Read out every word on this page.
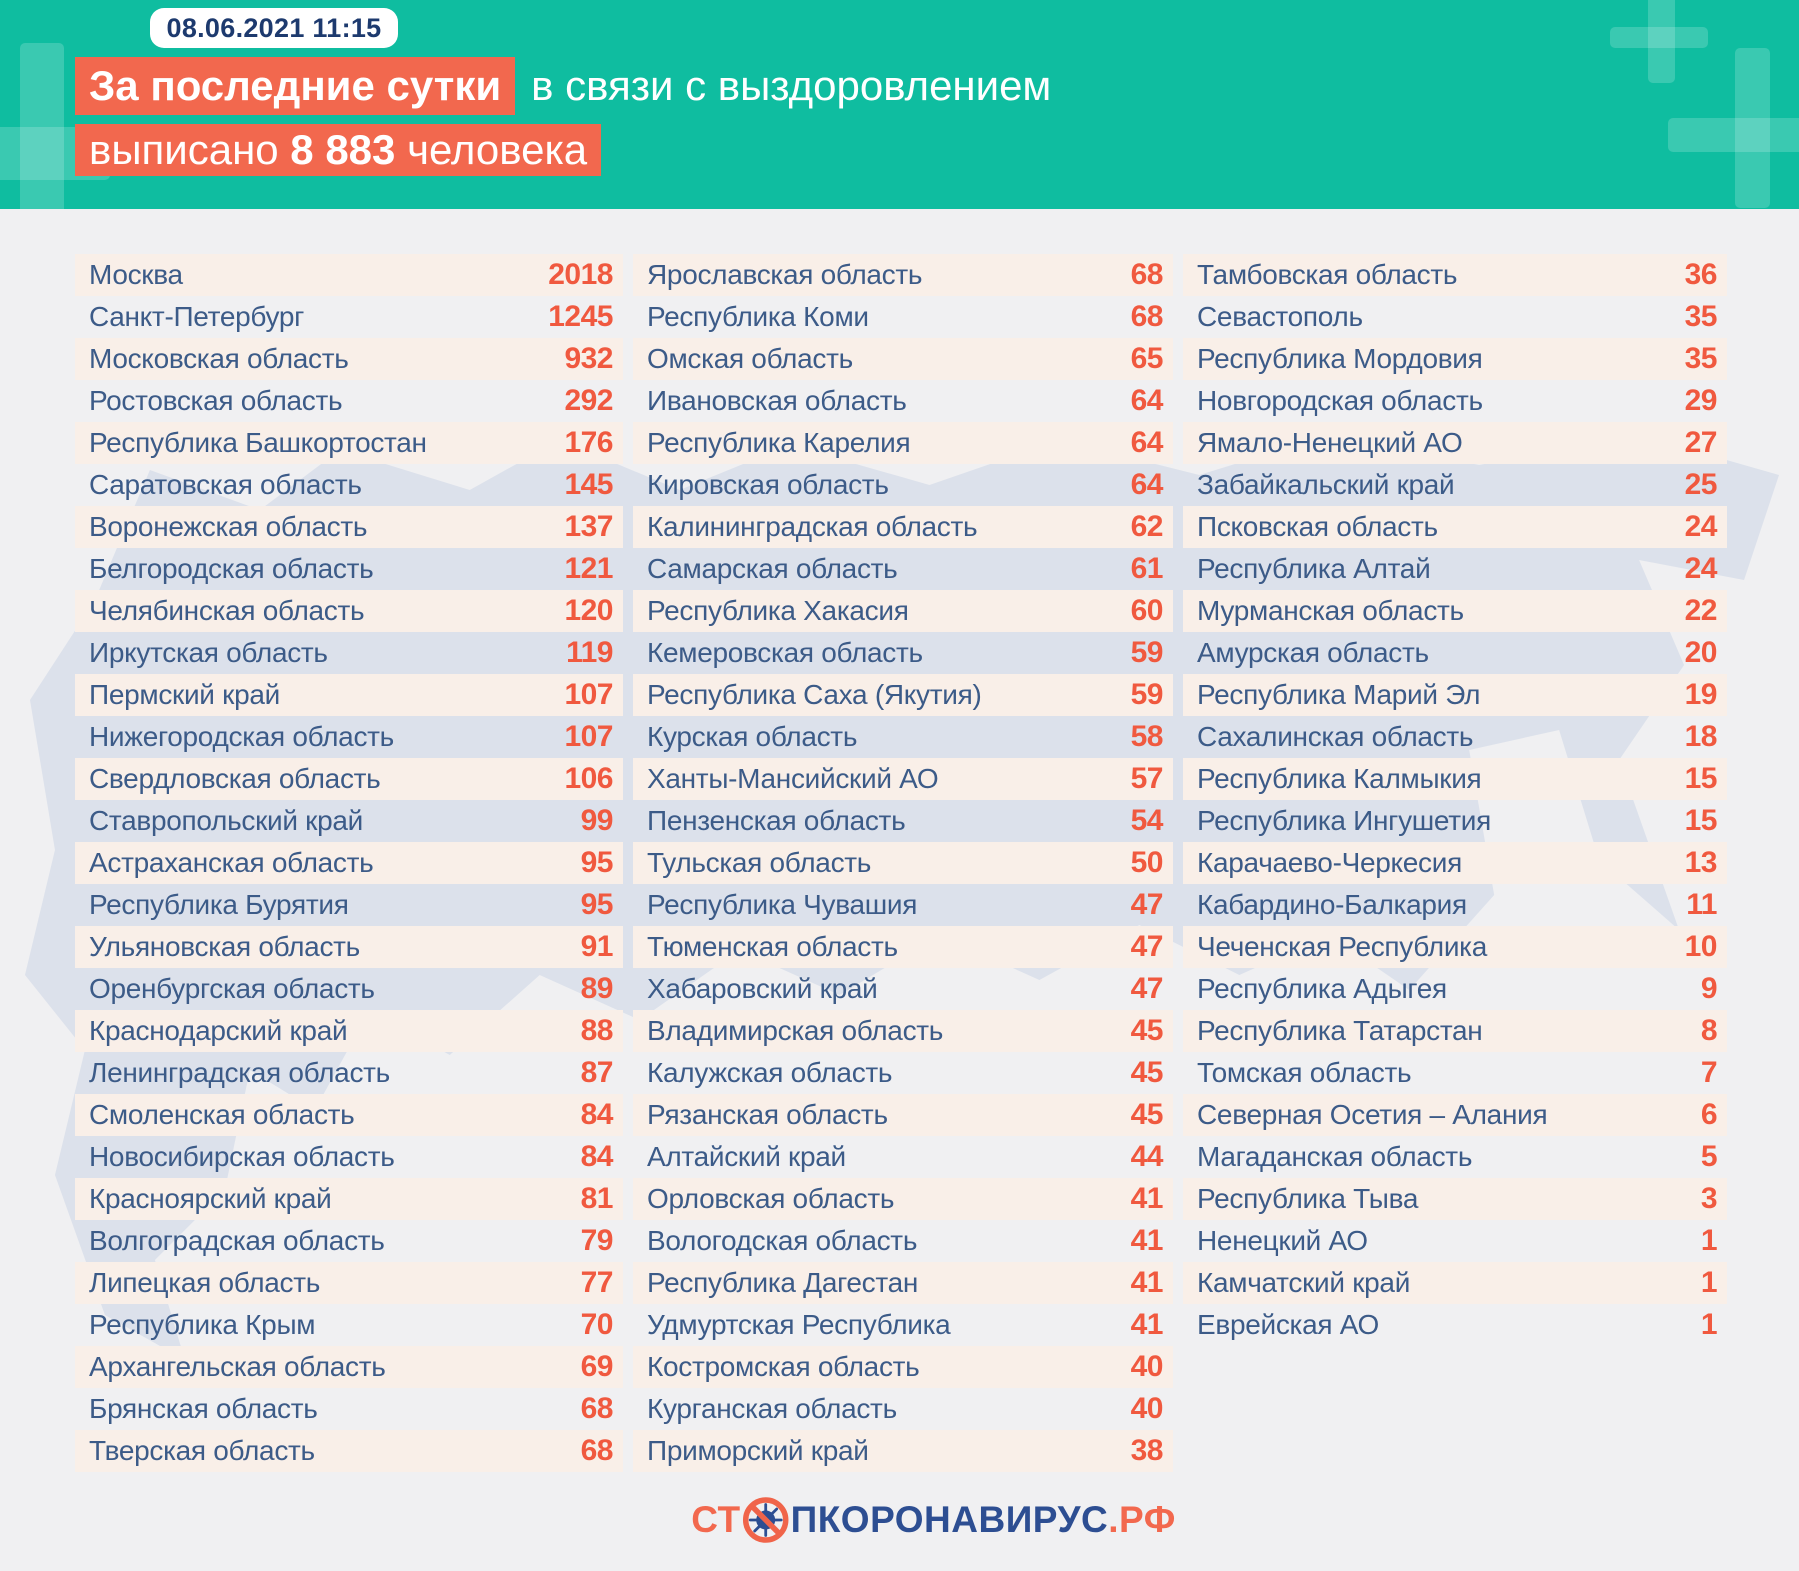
08.06.2021 11:15
За последние сутки в связи с выздоровлением
выписано 8 883 человека
Москва	2018
Санкт-Петербург	1245
Московская область	932
Ростовская область	292
Республика Башкортостан	176
Саратовская область	145
Воронежская область	137
Белгородская область	121
Челябинская область	120
Иркутская область	119
Пермский край	107
Нижегородская область	107
Свердловская область	106
Ставропольский край	99
Астраханская область	95
Республика Бурятия	95
Ульяновская область	91
Оренбургская область	89
Краснодарский край	88
Ленинградская область	87
Смоленская область	84
Новосибирская область	84
Красноярский край	81
Волгоградская область	79
Липецкая область	77
Республика Крым	70
Архангельская область	69
Брянская область	68
Тверская область	68
Ярославская область	68
Республика Коми	68
Омская область	65
Ивановская область	64
Республика Карелия	64
Кировская область	64
Калининградская область	62
Самарская область	61
Республика Хакасия	60
Кемеровская область	59
Республика Саха (Якутия)	59
Курская область	58
Ханты-Мансийский АО	57
Пензенская область	54
Тульская область	50
Республика Чувашия	47
Тюменская область	47
Хабаровский край	47
Владимирская область	45
Калужская область	45
Рязанская область	45
Алтайский край	44
Орловская область	41
Вологодская область	41
Республика Дагестан	41
Удмуртская Республика	41
Костромская область	40
Курганская область	40
Приморский край	38
Тамбовская область	36
Севастополь	35
Республика Мордовия	35
Новгородская область	29
Ямало-Ненецкий АО	27
Забайкальский край	25
Псковская область	24
Республика Алтай	24
Мурманская область	22
Амурская область	20
Республика Марий Эл	19
Сахалинская область	18
Республика Калмыкия	15
Республика Ингушетия	15
Карачаево-Черкесия	13
Кабардино-Балкария	11
Чеченская Республика	10
Республика Адыгея	9
Республика Татарстан	8
Томская область	7
Северная Осетия – Алания	6
Магаданская область	5
Республика Тыва	3
Ненецкий АО	1
Камчатский край	1
Еврейская АО	1
СТ ПКОРОНАВИРУС .РФ
